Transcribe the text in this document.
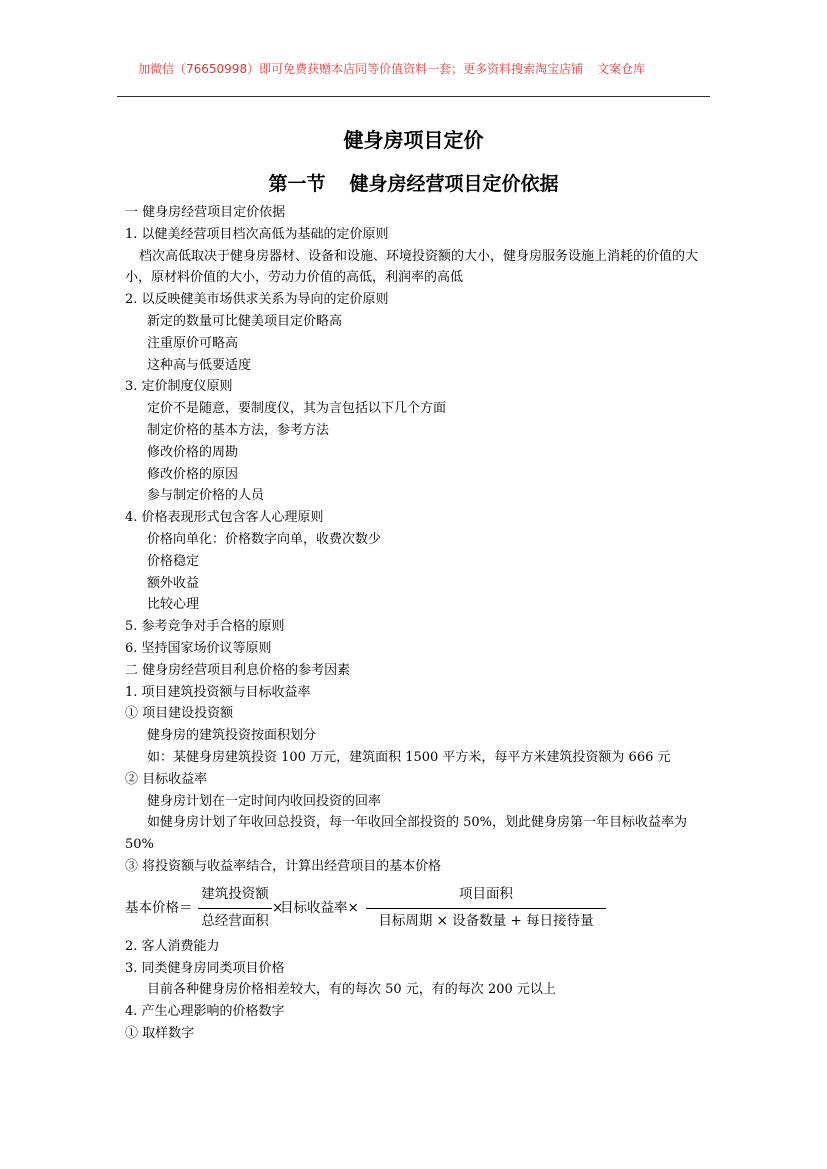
加微信（76650998）即可免费获赠本店同等价值资料一套；更多资料搜索淘宝店铺 文案仓库
健身房项目定价
第一节 健身房经营项目定价依据
一 健身房经营项目定价依据
1. 以健美经营项目档次高低为基础的定价原则
档次高低取决于健身房器材、设备和设施、环境投资额的大小，健身房服务设施上消耗的价值的大小，原材料价值的大小，劳动力价值的高低，利润率的高低
2. 以反映健美市场供求关系为导向的定价原则
新定的数量可比健美项目定价略高
注重原价可略高
这种高与低要适度
3. 定价制度仪原则
定价不是随意，要制度仪，其为言包括以下几个方面
制定价格的基本方法，参考方法
修改价格的周勘
修改价格的原因
参与制定价格的人员
4. 价格表现形式包含客人心理原则
价格向单化：价格数字向单，收费次数少
价格稳定
额外收益
比较心理
5. 参考竞争对手合格的原则
6. 坚持国家场价议等原则
二 健身房经营项目利息价格的参考因素
1. 项目建筑投资额与目标收益率
① 项目建设投资额
健身房的建筑投资按面积划分
如：某健身房建筑投资 100 万元，建筑面积 1500 平方米，每平方米建筑投资额为 666 元
② 目标收益率
健身房计划在一定时间内收回投资的回率
如健身房计划了年收回总投资，每一年收回全部投资的 50%，划此健身房第一年目标收益率为 50%
③ 将投资额与收益率结合，计算出经营项目的基本价格
基本价格＝
建筑投资额
总经营面积
×
目标收益率×
项目面积
目标周期 × 设备数量 + 每日接待量
2. 客人消费能力
3. 同类健身房同类项目价格
目前各种健身房价格相差较大，有的每次 50 元，有的每次 200 元以上
4. 产生心理影响的价格数字
① 取样数字
